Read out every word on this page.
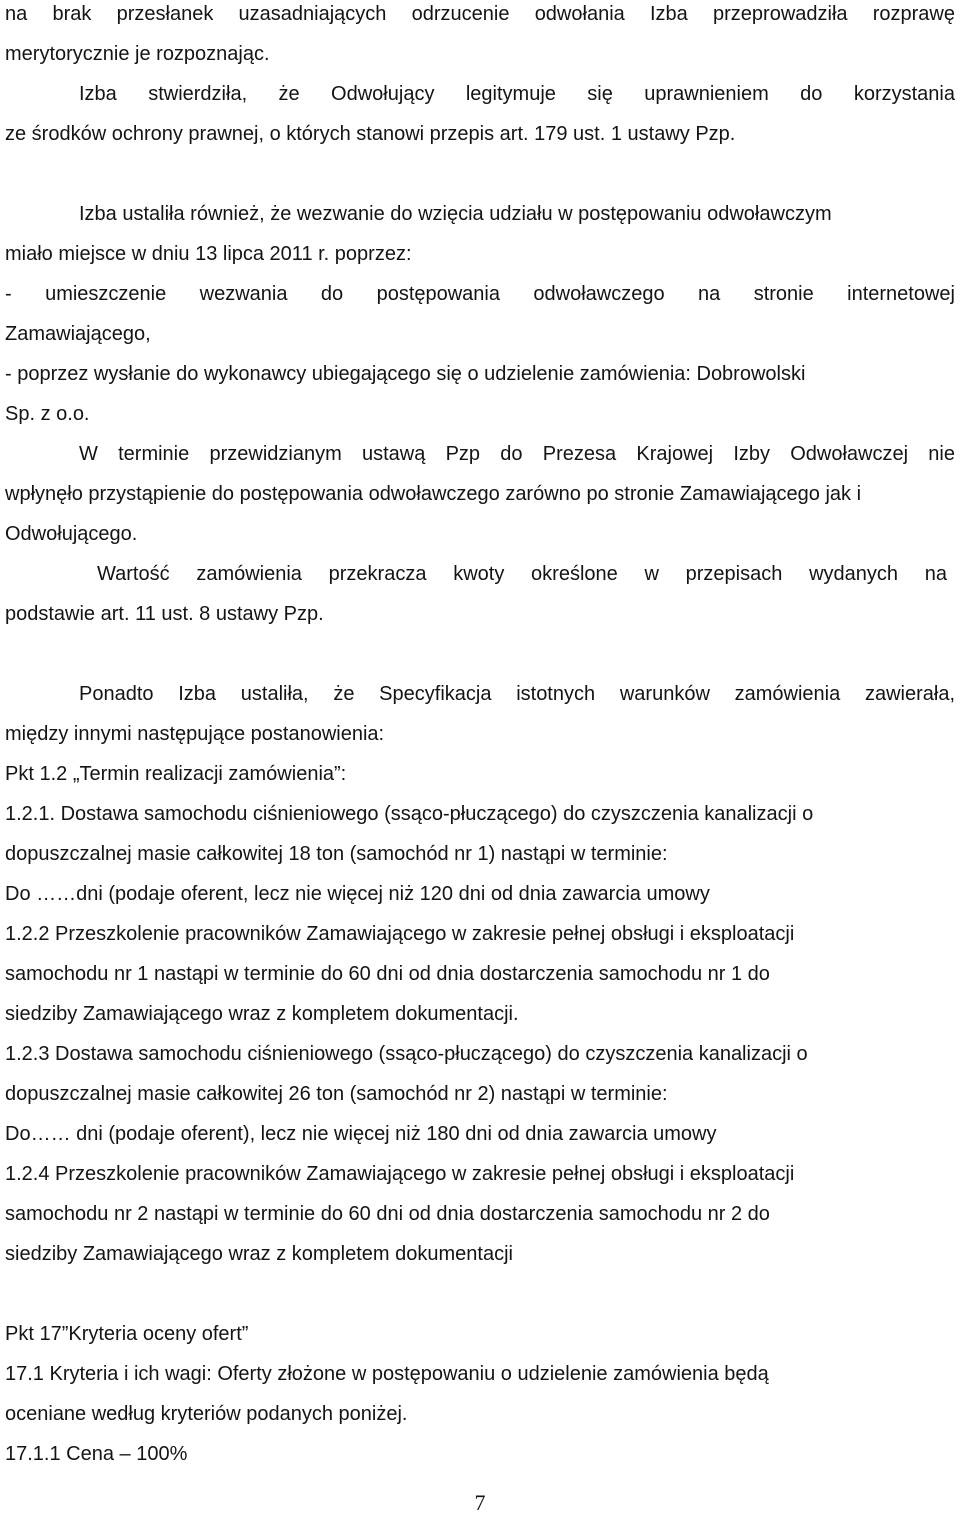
na brak przesłanek uzasadniających odrzucenie odwołania Izba przeprowadziła rozprawę
merytorycznie je rozpoznając.
Izba stwierdziła, że Odwołujący legitymuje się uprawnieniem do korzystania
ze środków ochrony prawnej, o których stanowi przepis art. 179 ust. 1 ustawy Pzp.
Izba ustaliła również, że wezwanie do wzięcia udziału w postępowaniu odwoławczym
miało miejsce w dniu 13 lipca 2011 r. poprzez:
- umieszczenie wezwania do postępowania odwoławczego na stronie internetowej
Zamawiającego,
- poprzez wysłanie do wykonawcy ubiegającego się o udzielenie zamówienia: Dobrowolski
Sp. z o.o.
W terminie przewidzianym ustawą Pzp do Prezesa Krajowej Izby Odwoławczej nie
wpłynęło przystąpienie do postępowania odwoławczego zarówno po stronie Zamawiającego jak i
Odwołującego.
Wartość zamówienia przekracza kwoty określone w przepisach wydanych na
podstawie art. 11 ust. 8 ustawy Pzp.
Ponadto Izba ustaliła, że Specyfikacja istotnych warunków zamówienia zawierała,
między innymi następujące postanowienia:
Pkt 1.2 „Termin realizacji zamówienia”:
1.2.1. Dostawa samochodu ciśnieniowego (ssąco-płuczącego) do czyszczenia kanalizacji o
dopuszczalnej masie całkowitej 18 ton (samochód nr 1) nastąpi w terminie:
Do ……dni (podaje oferent, lecz nie więcej niż 120 dni od dnia zawarcia umowy
1.2.2 Przeszkolenie pracowników Zamawiającego w zakresie pełnej obsługi i eksploatacji
samochodu nr 1 nastąpi w terminie do 60 dni od dnia dostarczenia samochodu nr 1 do
siedziby Zamawiającego wraz z kompletem dokumentacji.
1.2.3 Dostawa samochodu ciśnieniowego (ssąco-płuczącego) do czyszczenia kanalizacji o
dopuszczalnej masie całkowitej 26 ton (samochód nr 2) nastąpi w terminie:
Do…… dni (podaje oferent), lecz nie więcej niż 180 dni od dnia zawarcia umowy
1.2.4 Przeszkolenie pracowników Zamawiającego w zakresie pełnej obsługi i eksploatacji
samochodu nr 2 nastąpi w terminie do 60 dni od dnia dostarczenia samochodu nr 2 do
siedziby Zamawiającego wraz z kompletem dokumentacji
Pkt 17”Kryteria oceny ofert”
17.1 Kryteria i ich wagi: Oferty złożone w postępowaniu o udzielenie zamówienia będą
oceniane według kryteriów podanych poniżej.
17.1.1 Cena – 100%
7
